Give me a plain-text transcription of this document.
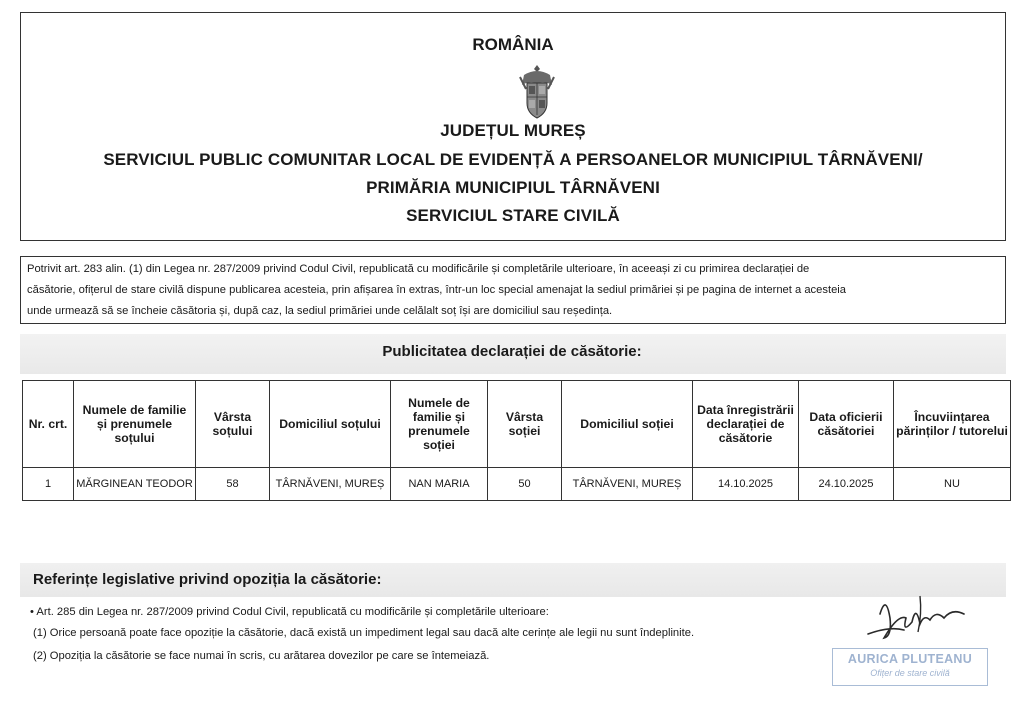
ROMÂNIA
JUDEȚUL MUREȘ
SERVICIUL PUBLIC COMUNITAR LOCAL DE EVIDENȚĂ A PERSOANELOR MUNICIPIUL TÂRNĂVENI/
PRIMĂRIA MUNICIPIUL TÂRNĂVENI
SERVICIUL STARE CIVILĂ
Potrivit art. 283 alin. (1) din Legea nr. 287/2009 privind Codul Civil, republicată cu modificările și completările ulterioare, în aceeași zi cu primirea declarației de
căsătorie, ofițerul de stare civilă dispune publicarea acesteia, prin afișarea în extras, într-un loc special amenajat la sediul primăriei și pe pagina de internet a acesteia
unde urmează să se încheie căsătoria și, după caz, la sediul primăriei unde celălalt soț își are domiciliul sau reședința.
Publicitatea declarației de căsătorie:
Nr. crt.	Numele de familie și prenumele soțului	Vârsta soțului	Domiciliul soțului	Numele de familie și prenumele soției	Vârsta soției	Domiciliul soției	Data înregistrării declarației de căsătorie	Data oficierii căsătoriei	Încuviințarea părinților / tutorelui
1	MĂRGINEAN TEODOR	58	TÂRNĂVENI, MUREȘ	NAN MARIA	50	TÂRNĂVENI, MUREȘ	14.10.2025	24.10.2025	NU
Referințe legislative privind opoziția la căsătorie:
• Art. 285 din Legea nr. 287/2009 privind Codul Civil, republicată cu modificările și completările ulterioare:
(1) Orice persoană poate face opoziție la căsătorie, dacă există un impediment legal sau dacă alte cerințe ale legii nu sunt îndeplinite.
(2) Opoziția la căsătorie se face numai în scris, cu arătarea dovezilor pe care se întemeiază.	AURICA PLUTEANU
Ofițer de stare civilă
